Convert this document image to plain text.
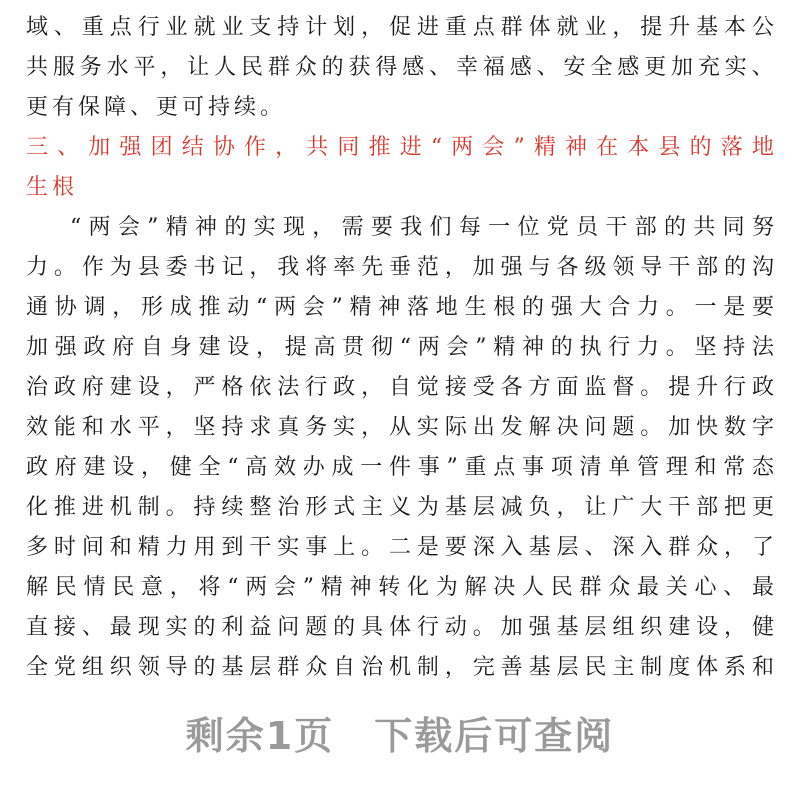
域 、 重 点 行 业 就 业 支 持 计 划 ， 促 进 重 点 群 体 就 业 ， 提 升 基 本 公
共 服 务 水 平 ， 让 人 民 群 众 的 获 得 感 、 幸 福 感 、 安 全 感 更 加 充 实 、
更有保障、更可持续。
三 、 加 强 团 结 协 作 ， 共 同 推 进 “ 两 会 ” 精 神 在 本 县 的 落 地
生根
“ 两 会 ” 精 神 的 实 现 ， 需 要 我 们 每 一 位 党 员 干 部 的 共 同 努
力 。 作 为 县 委 书 记 ， 我 将 率 先 垂 范 ， 加 强 与 各 级 领 导 干 部 的 沟
通 协 调 ， 形 成 推 动 “ 两 会 ” 精 神 落 地 生 根 的 强 大 合 力 。 一 是 要
加 强 政 府 自 身 建 设 ， 提 高 贯 彻 “ 两 会 ” 精 神 的 执 行 力 。 坚 持 法
治 政 府 建 设 ， 严 格 依 法 行 政 ， 自 觉 接 受 各 方 面 监 督 。 提 升 行 政
效 能 和 水 平 ， 坚 持 求 真 务 实 ， 从 实 际 出 发 解 决 问 题 。 加 快 数 字
政 府 建 设 ， 健 全 “ 高 效 办 成 一 件 事 ” 重 点 事 项 清 单 管 理 和 常 态
化 推 进 机 制 。 持 续 整 治 形 式 主 义 为 基 层 减 负 ， 让 广 大 干 部 把 更
多 时 间 和 精 力 用 到 干 实 事 上 。 二 是 要 深 入 基 层 、 深 入 群 众 ， 了
解 民 情 民 意 ， 将 “ 两 会 ” 精 神 转 化 为 解 决 人 民 群 众 最 关 心 、 最
直 接 、 最 现 实 的 利 益 问 题 的 具 体 行 动 。 加 强 基 层 组 织 建 设 ， 健
全 党 组 织 领 导 的 基 层 群 众 自 治 机 制 ， 完 善 基 层 民 主 制 度 体 系 和
剩余1页　下载后可查阅
